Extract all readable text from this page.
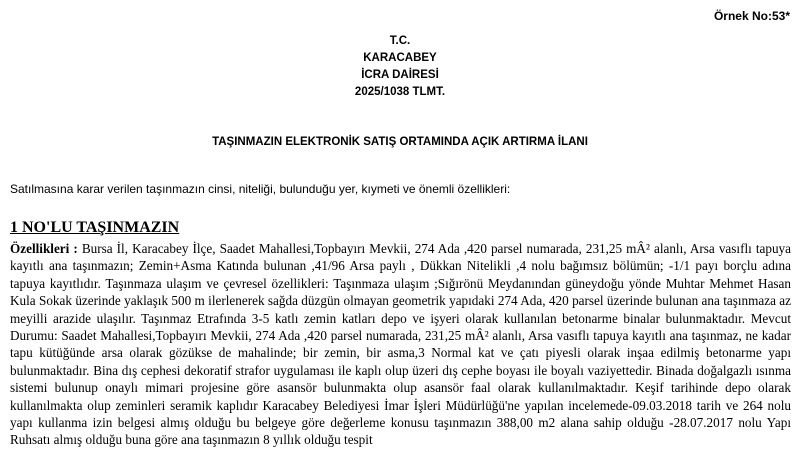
Örnek No:53*
T.C.
KARACABEY
İCRA DAİRESİ
2025/1038 TLMT.
TAŞINMAZIN ELEKTRONİK SATIŞ ORTAMINDA AÇIK ARTIRMA İLANI
Satılmasına karar verilen taşınmazın cinsi, niteliği, bulunduğu yer, kıymeti ve önemli özellikleri:
1 NO'LU TAŞINMAZIN

Özellikleri : Bursa İl, Karacabey İlçe, Saadet Mahallesi,Topbayırı Mevkii, 274 Ada ,420 parsel numarada, 231,25 mÂ² alanlı, Arsa vasıflı tapuya kayıtlı ana taşınmazın; Zemin+Asma Katında bulunan ,41/96 Arsa paylı , Dükkan Nitelikli ,4 nolu bağımsız bölümün; -1/1 payı borçlu adına tapuya kayıtlıdır. Taşınmaza ulaşım ve çevresel özellikleri: Taşınmaza ulaşım ;Sığırönü Meydanından güneydoğu yönde Muhtar Mehmet Hasan Kula Sokak üzerinde yaklaşık 500 m ilerlenerek sağda düzgün olmayan geometrik yapıdaki 274 Ada, 420 parsel üzerinde bulunan ana taşınmaza az meyilli arazide ulaşılır. Taşınmaz Etrafında 3-5 katlı zemin katları depo ve işyeri olarak kullanılan betonarme binalar bulunmaktadır. Mevcut Durumu: Saadet Mahallesi,Topbayırı Mevkii, 274 Ada ,420 parsel numarada, 231,25 mÂ² alanlı, Arsa vasıflı tapuya kayıtlı ana taşınmaz, ne kadar tapu kütüğünde arsa olarak gözükse de mahalinde; bir zemin, bir asma,3 Normal kat ve çatı piyesli olarak inşaa edilmiş betonarme yapı bulunmaktadır. Bina dış cephesi dekoratif strafor uygulaması ile kaplı olup üzeri dış cephe boyası ile boyalı vaziyettedir. Binada doğalgazlı ısınma sistemi bulunup onaylı mimari projesine göre asansör bulunmakta olup asansör faal olarak kullanılmaktadır. Keşif tarihinde depo olarak kullanılmakta olup zeminleri seramik kaplıdır Karacabey Belediyesi İmar İşleri Müdürlüğü'ne yapılan incelemede-09.03.2018 tarih ve 264 nolu yapı kullanma izin belgesi almış olduğu bu belgeye göre değerleme konusu taşınmazın 388,00 m2 alana sahip olduğu -28.07.2017 nolu Yapı Ruhsatı almış olduğu buna göre ana taşınmazın 8 yıllık olduğu tespit
